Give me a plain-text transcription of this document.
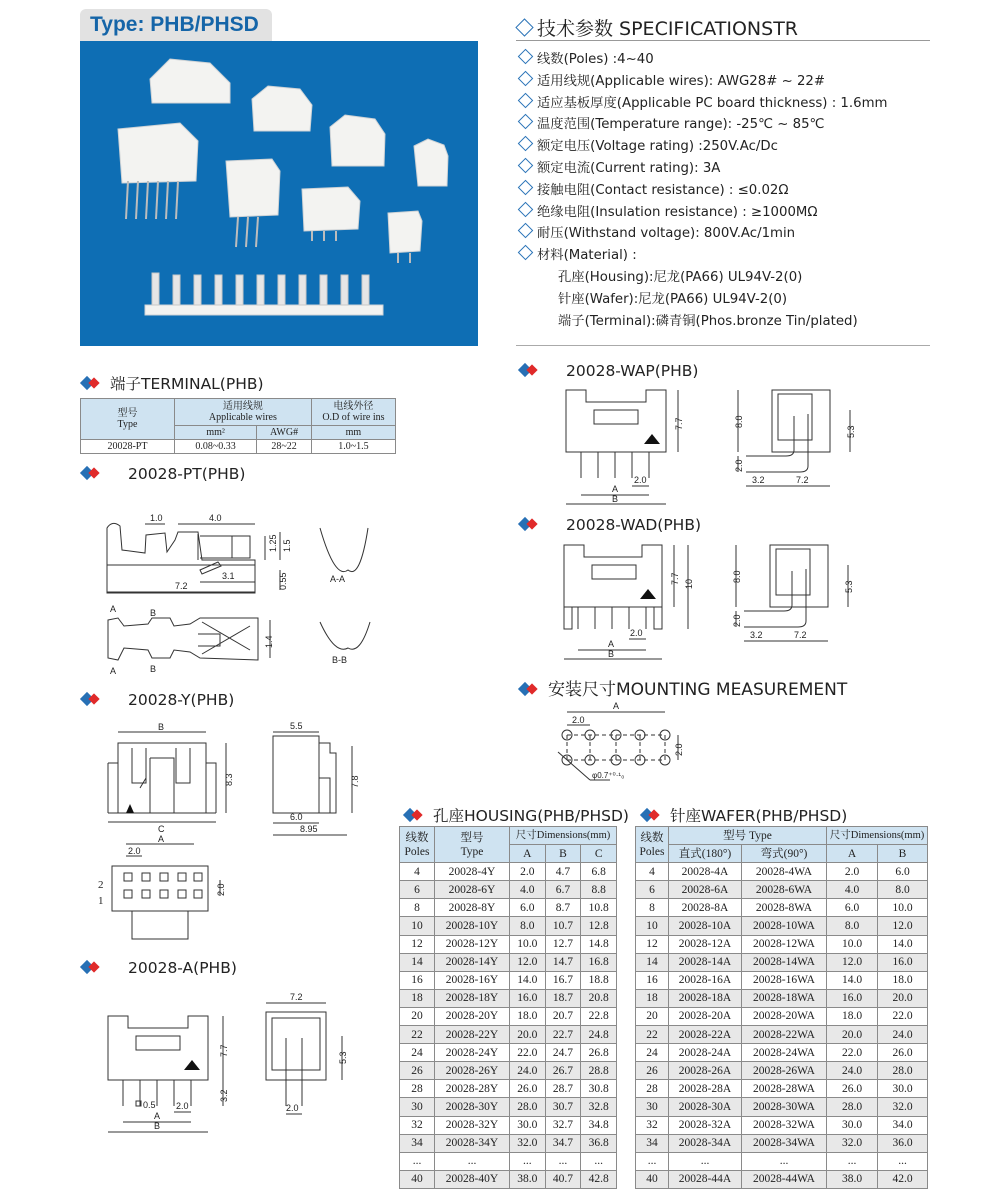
Type: PHB/PHSD	技术参数 SPECIFICATIONSTR
线数(Poles) :4~40
适用线规(Applicable wires): AWG28# ~ 22#
适应基板厚度(Applicable PC board thickness) : 1.6mm
温度范围(Temperature range): -25℃ ~ 85℃
额定电压(Voltage rating) :250V.Ac/Dc
额定电流(Current rating): 3A
接触电阻(Contact resistance) : ≤0.02Ω
绝缘电阻(Insulation resistance) : ≥1000MΩ
耐压(Withstand voltage): 800V.Ac/1min
材料(Material) :
孔座(Housing):尼龙(PA66) UL94V-2(0)
针座(Wafer):尼龙(PA66) UL94V-2(0)
端子(Terminal):磷青铜(Phos.bronze Tin/plated)
端子TERMINAL(PHB)
型号
Type	适用线规
Applicable wires		电线外径
O.D of wire ins
	mm²	AWG#	mm
20028-PT	0.08~0.33	28~22	1.0~1.5
20028-PT(PHB)
1.0	4.0
1.25 1.5
3.1	0.55
7.2
A-A
1.4
A
A
B
B
B-B
20028-Y(PHB)
B
C
8.3
5.5
7.8
6.0
8.95
A
2.0
2.0
2
1
20028-A(PHB)
7.7
3.2
0.5 2.0
A
B
7.2
5.3
2.0
20028-WAP(PHB)
7.7
2.0
A
B
8.0
2.0
5.3
3.2	7.2
20028-WAD(PHB)
7.7 10
2.0
A
B
8.0
2.0
5.3
3.2	7.2
安装尺寸MOUNTING MEASUREMENT
A
2.0
2.0
φ0.7⁺⁰·¹₀
孔座HOUSING(PHB/PHSD)
线数
Poles	型号
Type	尺寸Dimensions(mm)		
		A	B	C
4	20028-4Y	2.0	4.7	6.8
6	20028-6Y	4.0	6.7	8.8
8	20028-8Y	6.0	8.7	10.8
10	20028-10Y	8.0	10.7	12.8
12	20028-12Y	10.0	12.7	14.8
14	20028-14Y	12.0	14.7	16.8
16	20028-16Y	14.0	16.7	18.8
18	20028-18Y	16.0	18.7	20.8
20	20028-20Y	18.0	20.7	22.8
22	20028-22Y	20.0	22.7	24.8
24	20028-24Y	22.0	24.7	26.8
26	20028-26Y	24.0	26.7	28.8
28	20028-28Y	26.0	28.7	30.8
30	20028-30Y	28.0	30.7	32.8
32	20028-32Y	30.0	32.7	34.8
34	20028-34Y	32.0	34.7	36.8
...	...	...	...	...
40	20028-40Y	38.0	40.7	42.8
针座WAFER(PHB/PHSD)
线数
Poles	型号 Type		尺寸Dimensions(mm)	
	直式(180°)	弯式(90°)	A	B
4	20028-4A	20028-4WA	2.0	6.0
6	20028-6A	20028-6WA	4.0	8.0
8	20028-8A	20028-8WA	6.0	10.0
10	20028-10A	20028-10WA	8.0	12.0
12	20028-12A	20028-12WA	10.0	14.0
14	20028-14A	20028-14WA	12.0	16.0
16	20028-16A	20028-16WA	14.0	18.0
18	20028-18A	20028-18WA	16.0	20.0
20	20028-20A	20028-20WA	18.0	22.0
22	20028-22A	20028-22WA	20.0	24.0
24	20028-24A	20028-24WA	22.0	26.0
26	20028-26A	20028-26WA	24.0	28.0
28	20028-28A	20028-28WA	26.0	30.0
30	20028-30A	20028-30WA	28.0	32.0
32	20028-32A	20028-32WA	30.0	34.0
34	20028-34A	20028-34WA	32.0	36.0
...	...	...	...	...
40	20028-44A	20028-44WA	38.0	42.0
